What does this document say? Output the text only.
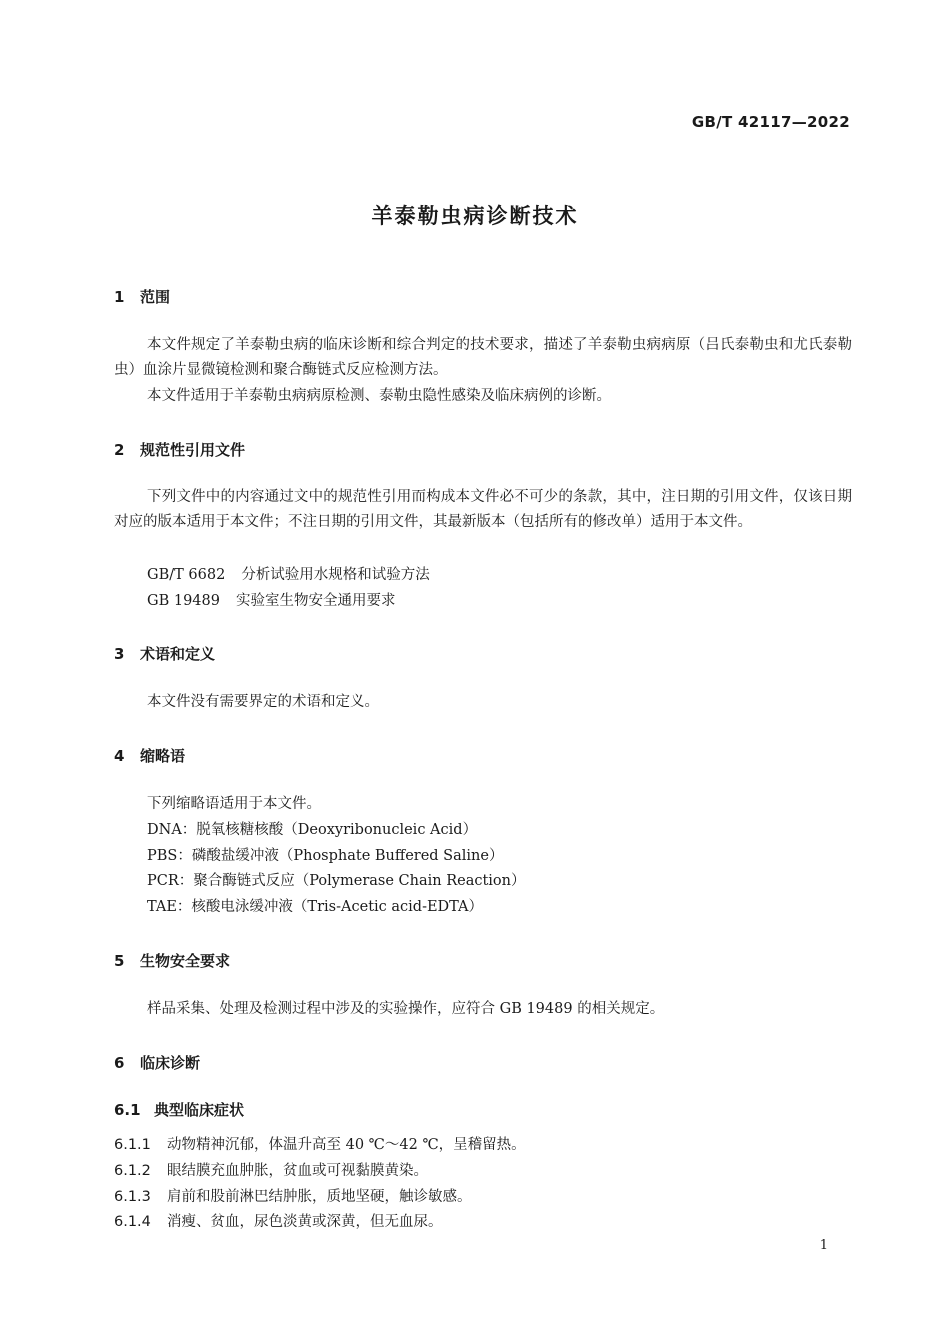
GB/T 42117—2022
羊泰勒虫病诊断技术
1 范围
本文件规定了羊泰勒虫病的临床诊断和综合判定的技术要求，描述了羊泰勒虫病病原（吕氏泰勒虫和尤氏泰勒虫）血涂片显微镜检测和聚合酶链式反应检测方法。
本文件适用于羊泰勒虫病病原检测、泰勒虫隐性感染及临床病例的诊断。
2 规范性引用文件
下列文件中的内容通过文中的规范性引用而构成本文件必不可少的条款，其中，注日期的引用文件，仅该日期对应的版本适用于本文件；不注日期的引用文件，其最新版本（包括所有的修改单）适用于本文件。
GB/T 6682 分析试验用水规格和试验方法
GB 19489 实验室生物安全通用要求
3 术语和定义
本文件没有需要界定的术语和定义。
4 缩略语
下列缩略语适用于本文件。
DNA：脱氧核糖核酸（Deoxyribonucleic Acid）
PBS：磷酸盐缓冲液（Phosphate Buffered Saline）
PCR：聚合酶链式反应（Polymerase Chain Reaction）
TAE：核酸电泳缓冲液（Tris-Acetic acid-EDTA）
5 生物安全要求
样品采集、处理及检测过程中涉及的实验操作，应符合 GB 19489 的相关规定。
6 临床诊断
6.1 典型临床症状
6.1.1 动物精神沉郁，体温升高至 40 ℃～42 ℃，呈稽留热。
6.1.2 眼结膜充血肿胀，贫血或可视黏膜黄染。
6.1.3 肩前和股前淋巴结肿胀，质地坚硬，触诊敏感。
6.1.4 消瘦、贫血，尿色淡黄或深黄，但无血尿。
1
